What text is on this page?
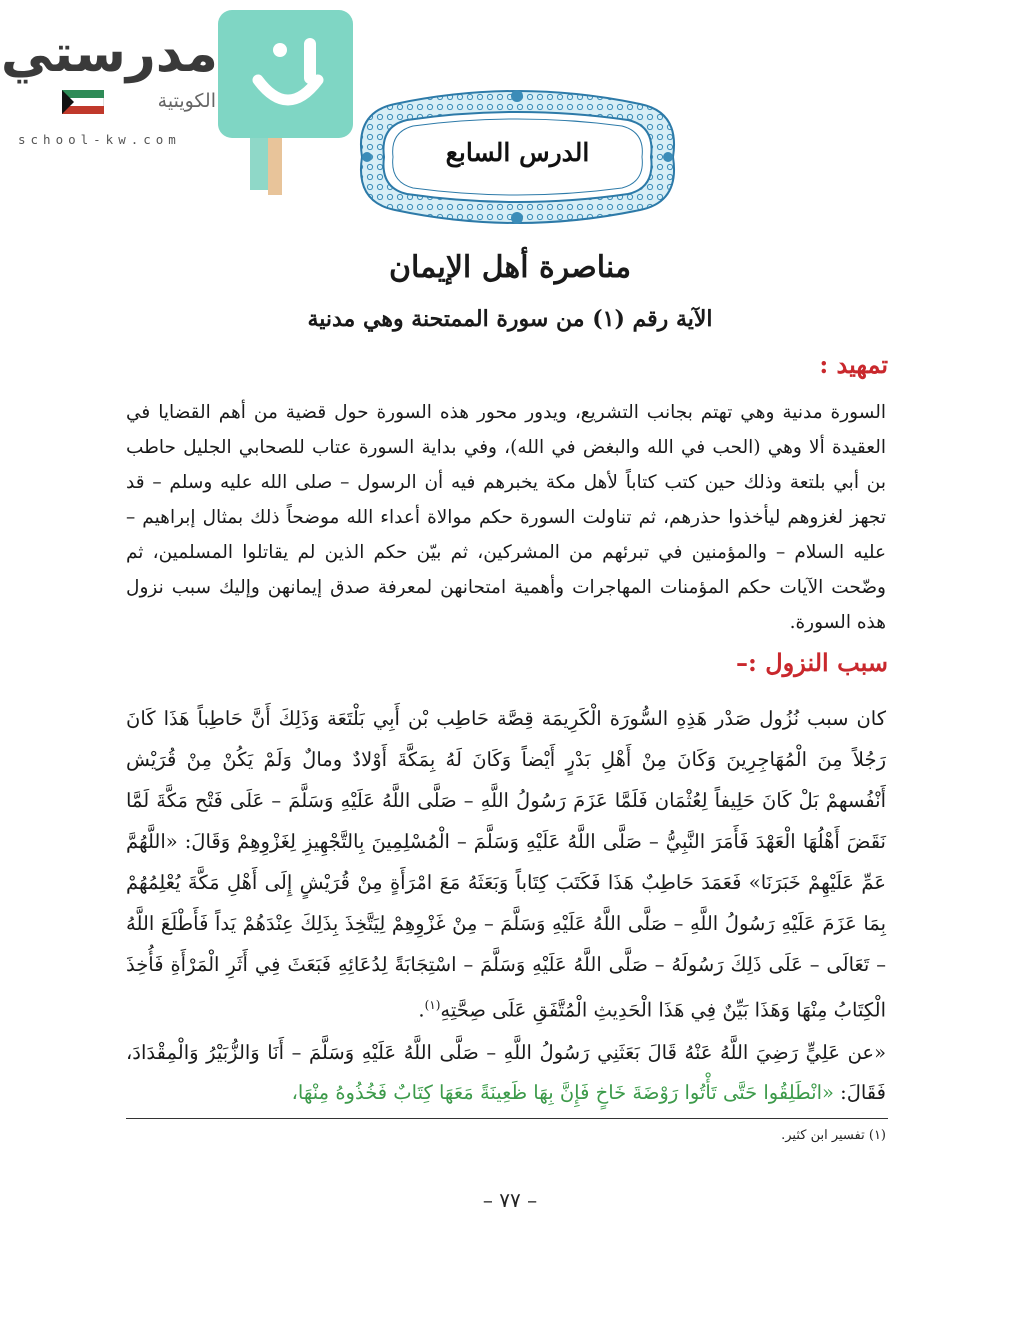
مدرستي
الكويتية
school-kw.com	الدرس السابع
مناصرة أهل الإيمان
الآية رقم (١) من سورة الممتحنة وهي مدنية
تمهيد :
السورة مدنية وهي تهتم بجانب التشريع، ويدور محور هذه السورة حول قضية من أهم القضايا في العقيدة ألا وهي (الحب في الله والبغض في الله)، وفي بداية السورة عتاب للصحابي الجليل حاطب بن أبي بلتعة وذلك حين كتب كتاباً لأهل مكة يخبرهم فيه أن الرسول – صلى الله عليه وسلم – قد تجهز لغزوهم ليأخذوا حذرهم، ثم تناولت السورة حكم موالاة أعداء الله موضحاً ذلك بمثال إبراهيم – عليه السلام – والمؤمنين في تبرئهم من المشركين، ثم بيّن حكم الذين لم يقاتلوا المسلمين، ثم وضّحت الآيات حكم المؤمنات المهاجرات وأهمية امتحانهن لمعرفة صدق إيمانهن وإليك سبب نزول هذه السورة.
سبب النزول :–
كان سبب نُزُول صَدْر هَذِهِ السُّورَة الْكَرِيمَة قِصَّة حَاطِب بْن أَبِي بَلْتَعَة وَذَلِكَ أَنَّ حَاطِباً هَذَا كَانَ رَجُلاً مِنَ الْمُهَاجِرِينَ وَكَانَ مِنْ أَهْلِ بَدْرٍ أَيْضاً وَكَانَ لَهُ بِمَكَّةَ أَوْلادٌ ومالٌ وَلَمْ يَكُنْ مِنْ قُرَيْش أَنْفُسهمْ بَلْ كَانَ حَلِيفاً لِعُثْمَان فَلَمَّا عَزَمَ رَسُولُ اللَّهِ – صَلَّى اللَّهُ عَلَيْهِ وَسَلَّمَ – عَلَى فَتْح مَكَّةَ لَمَّا نَقَضَ أَهْلُهَا الْعَهْدَ فَأَمَرَ النَّبِيُّ – صَلَّى اللَّهُ عَلَيْهِ وَسَلَّمَ – الْمُسْلِمِينَ بِالتَّجْهِيزِ لِغَزْوِهِمْ وَقَالَ: «اللَّهُمَّ عَمِّ عَلَيْهِمْ خَبَرَنَا» فَعَمَدَ حَاطِبٌ هَذَا فَكَتَبَ كِتَاباً وَبَعَثَهُ مَعَ امْرَأَةٍ مِنْ قُرَيْشٍ إِلَى أَهْلِ مَكَّةَ يُعْلِمُهُمْ بِمَا عَزَمَ عَلَيْهِ رَسُولُ اللَّهِ – صَلَّى اللَّهُ عَلَيْهِ وَسَلَّمَ – مِنْ غَزْوِهِمْ لِيَتَّخِذَ بِذَلِكَ عِنْدَهُمْ يَداً فَأَطْلَعَ اللَّهُ – تَعَالَى – عَلَى ذَلِكَ رَسُولَهُ – صَلَّى اللَّهُ عَلَيْهِ وَسَلَّمَ – اسْتِجَابَةً لِدُعَائِهِ فَبَعَثَ فِي أَثَرِ الْمَرْأَةِ فَأُخِذَ الْكِتَابُ مِنْهَا وَهَذَا بَيِّنٌ فِي هَذَا الْحَدِيثِ الْمُتَّفَقِ عَلَى صِحَّتِهِ$^{(١)}$.
«عن عَلِيٍّ رَضِيَ اللَّهُ عَنْهُ قَالَ بَعَثَنِي رَسُولُ اللَّهِ – صَلَّى اللَّهُ عَلَيْهِ وَسَلَّمَ – أَنَا وَالزُّبَيْرُ وَالْمِقْدَادَ، فَقَالَ: «انْطَلِقُوا حَتَّى تَأْتُوا رَوْضَةَ خَاخٍ فَإِنَّ بِهَا ظَعِينَةً مَعَهَا كِتَابٌ فَخُذُوهُ مِنْهَا،
(١) تفسير ابن كثير.
– ٧٧ –
